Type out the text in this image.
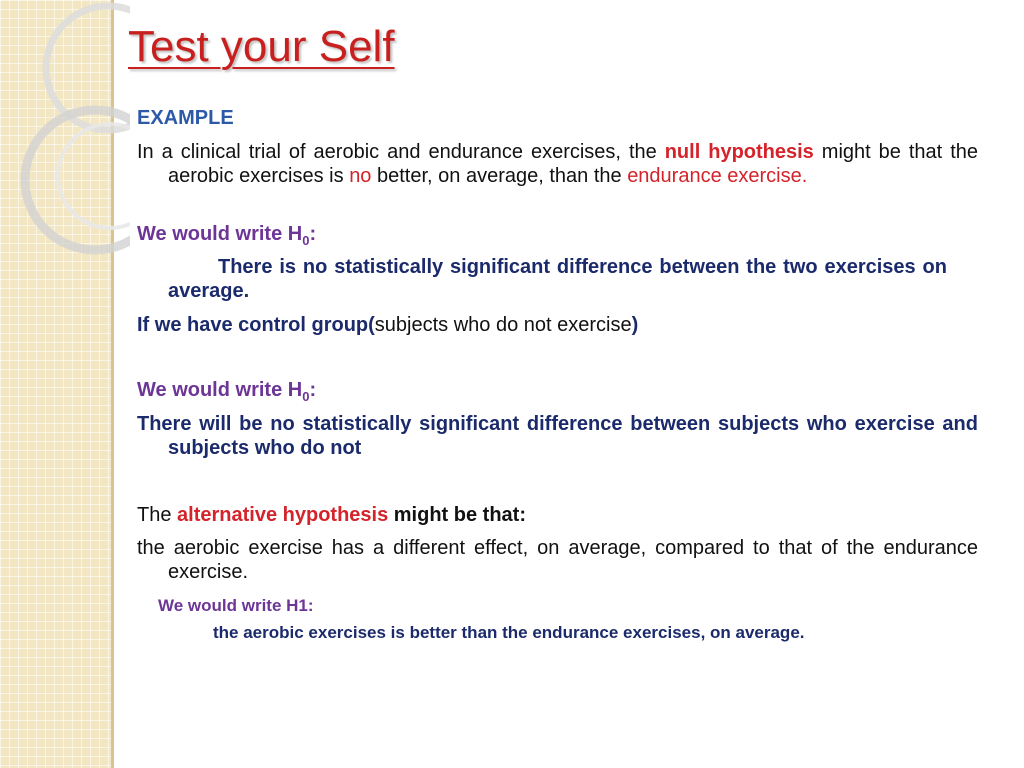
Test your Self

EXAMPLE

In a clinical trial of aerobic and endurance exercises, the null hypothesis might be that the aerobic exercises is no better, on average, than the endurance exercise.

We would write $H_0$:

There is no statistically significant difference between the two exercises on average.

If we have control group(subjects who do not exercise)

We would write $H_0$:

There will be no statistically significant difference between subjects who exercise and subjects who do not

The alternative hypothesis might be that:

the aerobic exercise has a different effect, on average, compared to that of the endurance exercise.

We would write H1:

the aerobic exercises is better than the endurance exercises, on average.
